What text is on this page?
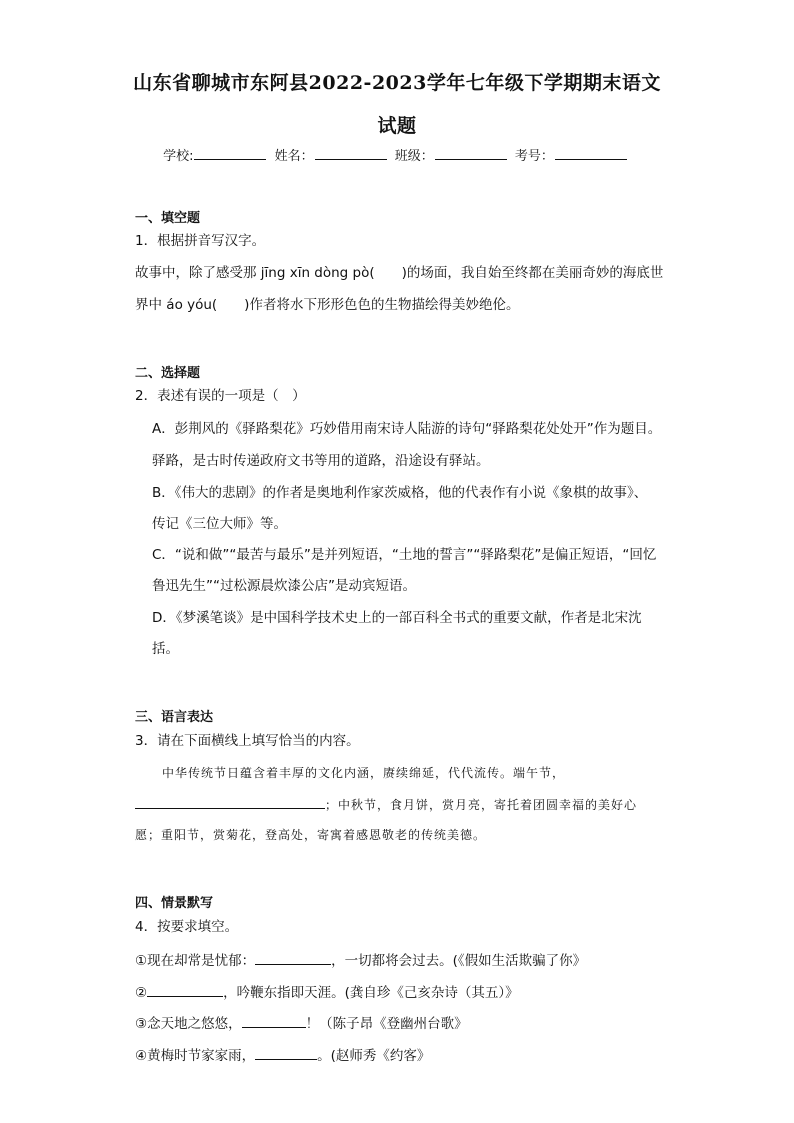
山东省聊城市东阿县2022-2023学年七年级下学期期末语文
试题
学校:	姓名：	班级：	考号：
一、填空题
1．根据拼音写汉字。
故事中，除了感受那 jīng xīn dòng pò(　　)的场面，我自始至终都在美丽奇妙的海底世
界中 áo yóu(　　)作者将水下形形色色的生物描绘得美妙绝伦。
二、选择题
2．表述有误的一项是（　）
A．彭荆风的《驿路梨花》巧妙借用南宋诗人陆游的诗句“驿路梨花处处开”作为题目。
驿路，是古时传递政府文书等用的道路，沿途设有驿站。
B．《伟大的悲剧》的作者是奥地利作家茨威格，他的代表作有小说《象棋的故事》、
传记《三位大师》等。
C．“说和做”“最苦与最乐”是并列短语，“土地的誓言”“驿路梨花”是偏正短语，“回忆
鲁迅先生”“过松源晨炊漆公店”是动宾短语。
D．《梦溪笔谈》是中国科学技术史上的一部百科全书式的重要文献，作者是北宋沈
括。
三、语言表达
3．请在下面横线上填写恰当的内容。
中华传统节日蕴含着丰厚的文化内涵，赓续绵延，代代流传。端午节，
；中秋节，食月饼，赏月亮，寄托着团圆幸福的美好心
愿；重阳节，赏菊花，登高处，寄寓着感恩敬老的传统美德。
四、情景默写
4．按要求填空。
①现在却常是忧郁：	，一切都将会过去。(《假如生活欺骗了你》
②	，吟鞭东指即天涯。(龚自珍《己亥杂诗（其五）》
③念天地之悠悠，	！（陈子昂《登幽州台歌》
④黄梅时节家家雨，	。(赵师秀《约客》
